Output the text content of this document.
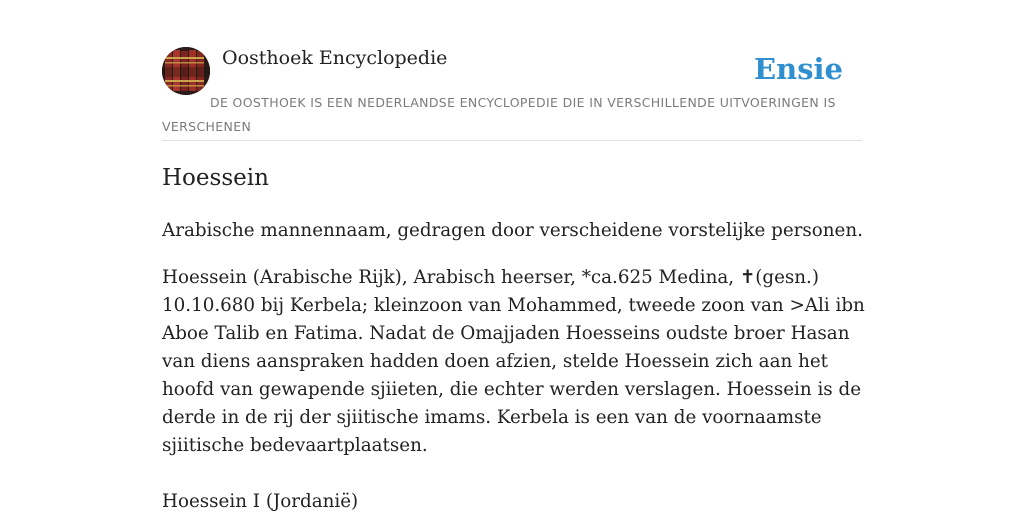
Oosthoek Encyclopedie	Ensie
DE OOSTHOEK IS EEN NEDERLANDSE ENCYCLOPEDIE DIE IN VERSCHILLENDE UITVOERINGEN IS VERSCHENEN
Hoessein

Arabische mannennaam, gedragen door verscheidene vorstelijke personen.

Hoessein (Arabische Rijk), Arabisch heerser, *ca.625 Medina, ✝(gesn.) 10.10.680 bij Kerbela; kleinzoon van Mohammed, tweede zoon van >Ali ibn Aboe Talib en Fatima. Nadat de Omajjaden Hoesseins oudste broer Hasan van diens aanspraken hadden doen afzien, stelde Hoessein zich aan het hoofd van gewapende sjiieten, die echter werden verslagen. Hoessein is de derde in de rij der sjiitische imams. Kerbela is een van de voornaamste sjiitische bedevaartplaatsen.

Hoessein I (Jordanië)
